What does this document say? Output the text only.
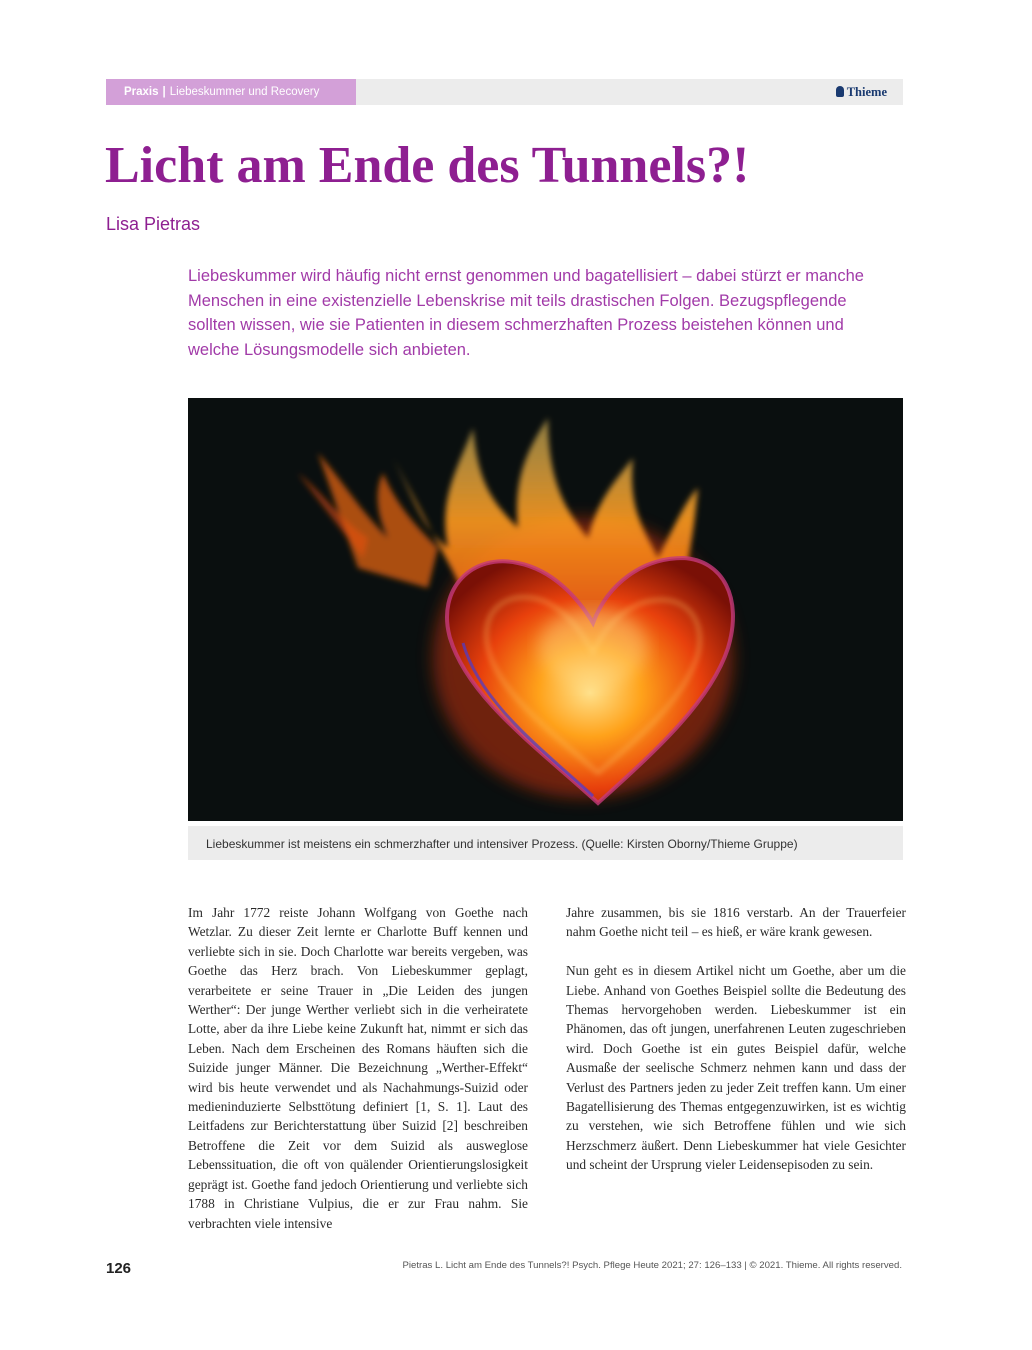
Praxis | Liebeskummer und Recovery	Thieme
Licht am Ende des Tunnels?!
Lisa Pietras

Liebeskummer wird häufig nicht ernst genommen und bagatellisiert – dabei stürzt er manche Menschen in eine existenzielle Lebenskrise mit teils drastischen Folgen. Bezugspflegende sollten wissen, wie sie Patienten in diesem schmerzhaften Prozess beistehen können und welche Lösungsmodelle sich anbieten.

Liebeskummer ist meistens ein schmerzhafter und intensiver Prozess. (Quelle: Kirsten Oborny/Thieme Gruppe)

Im Jahr 1772 reiste Johann Wolfgang von Goethe nach Wetzlar. Zu dieser Zeit lernte er Charlotte Buff kennen und verliebte sich in sie. Doch Charlotte war bereits vergeben, was Goethe das Herz brach. Von Liebeskummer geplagt, verarbeitete er seine Trauer in „Die Leiden des jungen Werther“: Der junge Werther verliebt sich in die verheiratete Lotte, aber da ihre Liebe keine Zukunft hat, nimmt er sich das Leben. Nach dem Erscheinen des Romans häuften sich die Suizide junger Männer. Die Bezeichnung „Werther-Effekt“ wird bis heute verwendet und als Nachahmungs-Suizid oder medieninduzierte Selbsttötung definiert [1, S. 1]. Laut des Leitfadens zur Berichterstattung über Suizid [2] beschreiben Betroffene die Zeit vor dem Suizid als ausweglose Lebenssituation, die oft von quälender Orientierungslosigkeit geprägt ist. Goethe fand jedoch Orientierung und verliebte sich 1788 in Christiane Vulpius, die er zur Frau nahm. Sie verbrachten viele intensive

Jahre zusammen, bis sie 1816 verstarb. An der Trauerfeier nahm Goethe nicht teil – es hieß, er wäre krank gewesen.

Nun geht es in diesem Artikel nicht um Goethe, aber um die Liebe. Anhand von Goethes Beispiel sollte die Bedeutung des Themas hervorgehoben werden. Liebeskummer ist ein Phänomen, das oft jungen, unerfahrenen Leuten zugeschrieben wird. Doch Goethe ist ein gutes Beispiel dafür, welche Ausmaße der seelische Schmerz nehmen kann und dass der Verlust des Partners jeden zu jeder Zeit treffen kann. Um einer Bagatellisierung des Themas entgegenzuwirken, ist es wichtig zu verstehen, wie sich Betroffene fühlen und wie sich Herzschmerz äußert. Denn Liebeskummer hat viele Gesichter und scheint der Ursprung vieler Leidensepisoden zu sein.

126	Pietras L. Licht am Ende des Tunnels?! Psych. Pflege Heute 2021; 27: 126–133 | © 2021. Thieme. All rights reserved.
